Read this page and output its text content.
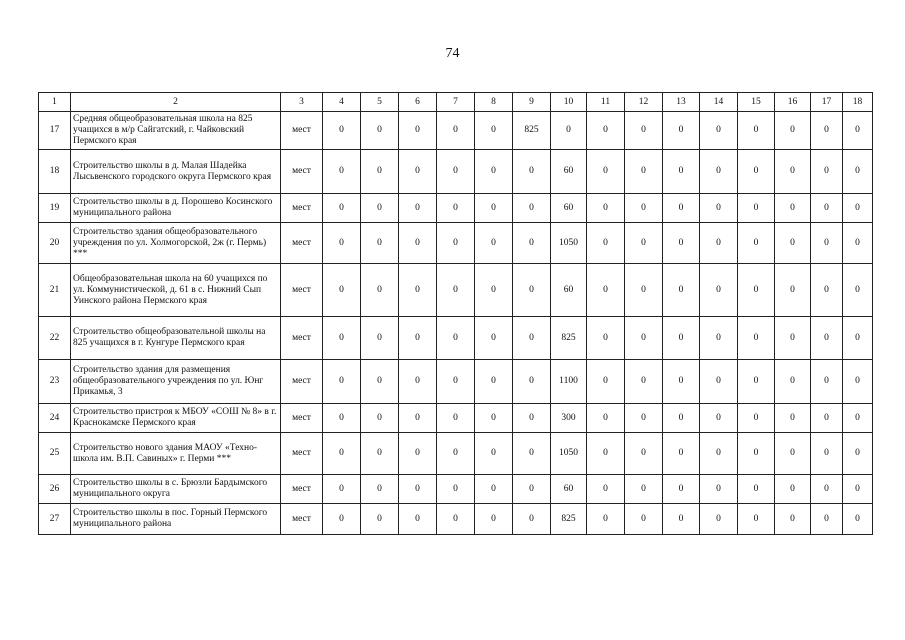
74
1	2	3	4	5	6	7	8	9	10	11	12	13	14	15	16	17	18
17	Средняя общеобразовательная школа на 825 учащихся в м/р Сайгатский, г. Чайковский Пермского края	мест	0	0	0	0	0	825	0	0	0	0	0	0	0	0	0
18	Строительство школы в д. Малая Шадейка Лысьвенского городского округа Пермского края	мест	0	0	0	0	0	0	60	0	0	0	0	0	0	0	0
19	Строительство школы в д. Порошево Косинского муниципального района	мест	0	0	0	0	0	0	60	0	0	0	0	0	0	0	0
20	Строительство здания общеобразовательного учреждения по ул. Холмогорской, 2ж (г. Пермь) ***	мест	0	0	0	0	0	0	1050	0	0	0	0	0	0	0	0
21	Общеобразовательная школа на 60 учащихся по ул. Коммунистической, д. 61 в с. Нижний Сып Уинского района Пермского края	мест	0	0	0	0	0	0	60	0	0	0	0	0	0	0	0
22	Строительство общеобразовательной школы на 825 учащихся в г. Кунгуре Пермского края	мест	0	0	0	0	0	0	825	0	0	0	0	0	0	0	0
23	Строительство здания для размещения общеобразовательного учреждения по ул. Юнг Прикамья, 3	мест	0	0	0	0	0	0	1100	0	0	0	0	0	0	0	0
24	Строительство пристроя к МБОУ «СОШ № 8» в г. Краснокамске Пермского края	мест	0	0	0	0	0	0	300	0	0	0	0	0	0	0	0
25	Строительство нового здания МАОУ «Техно-школа им. В.П. Савиных» г. Перми ***	мест	0	0	0	0	0	0	1050	0	0	0	0	0	0	0	0
26	Строительство школы в с. Брюзли Бардымского муниципального округа	мест	0	0	0	0	0	0	60	0	0	0	0	0	0	0	0
27	Строительство школы в пос. Горный Пермского муниципального района	мест	0	0	0	0	0	0	825	0	0	0	0	0	0	0	0
